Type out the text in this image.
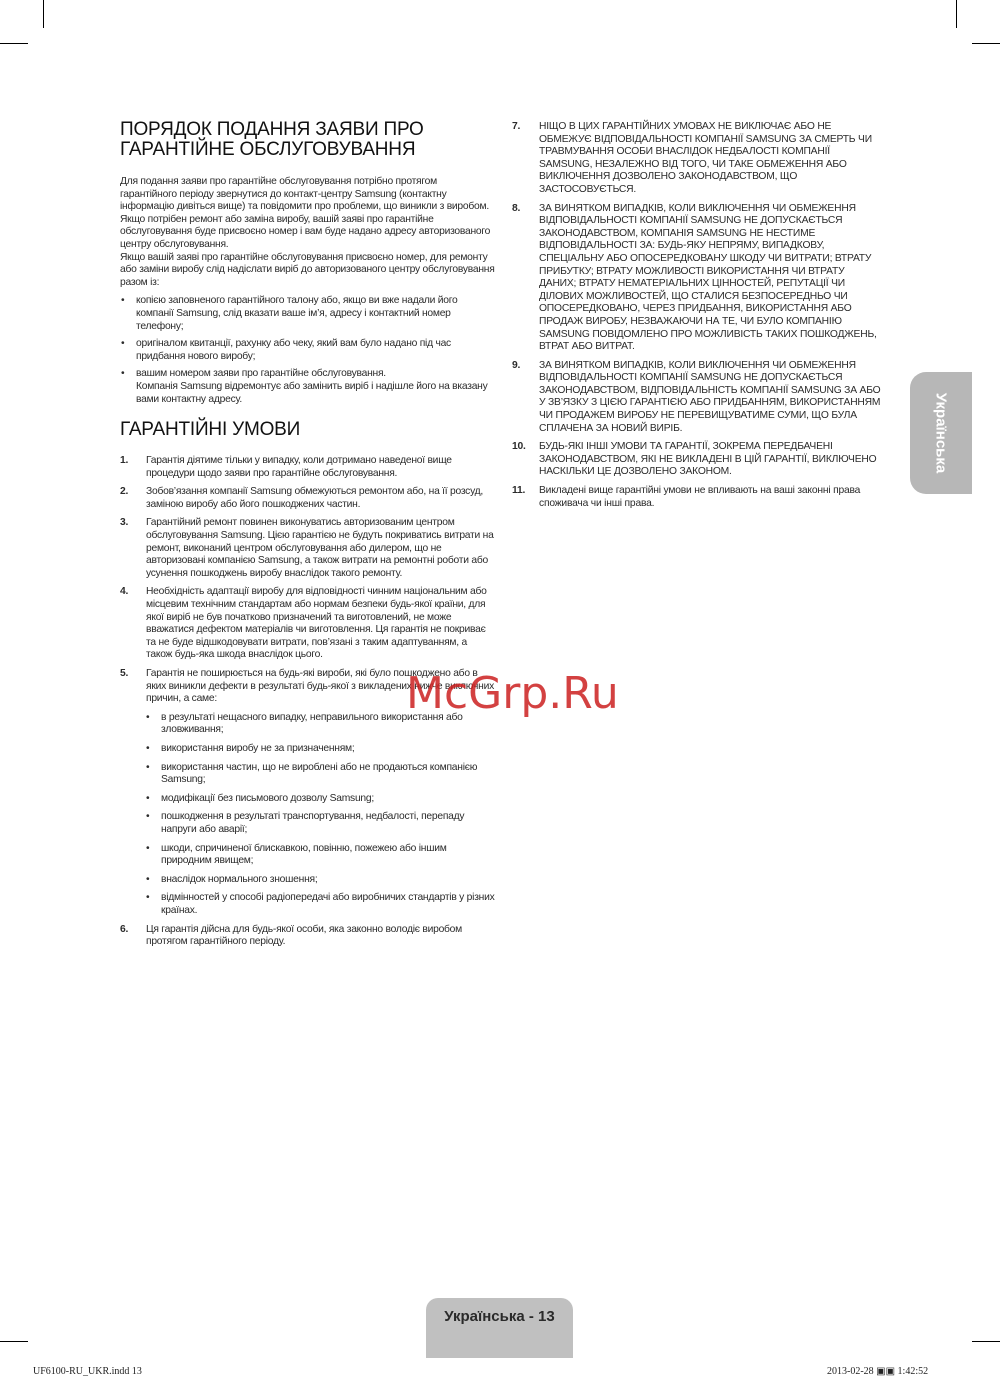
ПОРЯДОК ПОДАННЯ ЗАЯВИ ПРО
ГАРАНТІЙНЕ ОБСЛУГОВУВАННЯ

Для подання заяви про гарантійне обслуговування потрібно протягом гарантійного періоду звернутися до контакт-центру Samsung (контактну інформацію дивіться вище) та повідомити про проблеми, що виникли з виробом. Якщо потрібен ремонт або заміна виробу, вашій заяві про гарантійне обслуговування буде присвоєно номер і вам буде надано адресу авторизованого центру обслуговування.

Якщо вашій заяві про гарантійне обслуговування присвоєно номер, для ремонту або заміни виробу слід надіслати виріб до авторизованого центру обслуговування разом із:

• копією заповненого гарантійного талону або, якщо ви вже надали його компанії Samsung, слід вказати ваше ім’я, адресу і контактний номер телефону;
• оригіналом квитанції, рахунку або чеку, який вам було надано під час придбання нового виробу;
• вашим номером заяви про гарантійне обслуговування.
Компанія Samsung відремонтує або замінить виріб і надішле його на вказану вами контактну адресу.
ГАРАНТІЙНІ УМОВИ
1. Гарантія діятиме тільки у випадку, коли дотримано наведеної вище процедури щодо заяви про гарантійне обслуговування.
2. Зобов’язання компанії Samsung обмежуються ремонтом або, на її розсуд, заміною виробу або його пошкоджених частин.
3. Гарантійний ремонт повинен виконуватись авторизованим центром обслуговування Samsung. Цією гарантією не будуть покриватись витрати на ремонт, виконаний центром обслуговування або дилером, що не авторизовані компанією Samsung, а також витрати на ремонтні роботи або усунення пошкоджень виробу внаслідок такого ремонту.
4. Необхідність адаптації виробу для відповідності чинним національним або місцевим технічним стандартам або нормам безпеки будь-якої країни, для якої виріб не був початково призначений та виготовлений, не може вважатися дефектом матеріалів чи виготовлення. Ця гарантія не покриває та не буде відшкодовувати витрати, пов’язані з таким адаптуванням, а також будь-яка шкода внаслідок цього.
5. Гарантія не поширюється на будь-які вироби, які було пошкоджено або в яких виникли дефекти в результаті будь-якої з викладених нижче виключних причин, а саме:
• в результаті нещасного випадку, неправильного використання або зловживання;
• використання виробу не за призначенням;
• використання частин, що не вироблені або не продаються компанією Samsung;
• модифікації без письмового дозволу Samsung;
• пошкодження в результаті транспортування, недбалості, перепаду напруги або аварії;
• шкоди, спричиненої блискавкою, повінню, пожежею або іншим природним явищем;
• внаслідок нормального зношення;
• відмінностей у способі радіопередачі або виробничих стандартів у різних країнах.
6. Ця гарантія дійсна для будь-якої особи, яка законно володіє виробом протягом гарантійного періоду.
7. НІЩО В ЦИХ ГАРАНТІЙНИХ УМОВАХ НЕ ВИКЛЮЧАЄ АБО НЕ ОБМЕЖУЄ ВІДПОВІДАЛЬНОСТІ КОМПАНІЇ SAMSUNG ЗА СМЕРТЬ ЧИ ТРАВМУВАННЯ ОСОБИ ВНАСЛІДОК НЕДБАЛОСТІ КОМПАНІЇ SAMSUNG, НЕЗАЛЕЖНО ВІД ТОГО, ЧИ ТАКЕ ОБМЕЖЕННЯ АБО ВИКЛЮЧЕННЯ ДОЗВОЛЕНО ЗАКОНОДАВСТВОМ, ЩО ЗАСТОСОВУЄТЬСЯ.
8. ЗА ВИНЯТКОМ ВИПАДКІВ, КОЛИ ВИКЛЮЧЕННЯ ЧИ ОБМЕЖЕННЯ ВІДПОВІДАЛЬНОСТІ КОМПАНІЇ SAMSUNG НЕ ДОПУСКАЄТЬСЯ ЗАКОНОДАВСТВОМ, КОМПАНІЯ SAMSUNG НЕ НЕСТИМЕ ВІДПОВІДАЛЬНОСТІ ЗА: БУДЬ-ЯКУ НЕПРЯМУ, ВИПАДКОВУ, СПЕЦІАЛЬНУ АБО ОПОСЕРЕДКОВАНУ ШКОДУ ЧИ ВИТРАТИ; ВТРАТУ ПРИБУТКУ; ВТРАТУ МОЖЛИВОСТІ ВИКОРИСТАННЯ ЧИ ВТРАТУ ДАНИХ; ВТРАТУ НЕМАТЕРІАЛЬНИХ ЦІННОСТЕЙ, РЕПУТАЦІЇ ЧИ ДІЛОВИХ МОЖЛИВОСТЕЙ, ЩО СТАЛИСЯ БЕЗПОСЕРЕДНЬО ЧИ ОПОСЕРЕДКОВАНО, ЧЕРЕЗ ПРИДБАННЯ, ВИКОРИСТАННЯ АБО ПРОДАЖ ВИРОБУ, НЕЗВАЖАЮЧИ НА ТЕ, ЧИ БУЛО КОМПАНІЮ SAMSUNG ПОВІДОМЛЕНО ПРО МОЖЛИВІСТЬ ТАКИХ ПОШКОДЖЕНЬ, ВТРАТ АБО ВИТРАТ.
9. ЗА ВИНЯТКОМ ВИПАДКІВ, КОЛИ ВИКЛЮЧЕННЯ ЧИ ОБМЕЖЕННЯ ВІДПОВІДАЛЬНОСТІ КОМПАНІЇ SAMSUNG НЕ ДОПУСКАЄТЬСЯ ЗАКОНОДАВСТВОМ, ВІДПОВІДАЛЬНІСТЬ КОМПАНІЇ SAMSUNG ЗА АБО У ЗВ’ЯЗКУ З ЦІЄЮ ГАРАНТІЄЮ АБО ПРИДБАННЯМ, ВИКОРИСТАННЯМ ЧИ ПРОДАЖЕМ ВИРОБУ НЕ ПЕРЕВИЩУВАТИМЕ СУМИ, ЩО БУЛА СПЛАЧЕНА ЗА НОВИЙ ВИРІБ.
10. БУДЬ-ЯКІ ІНШІ УМОВИ ТА ГАРАНТІЇ, ЗОКРЕМА ПЕРЕДБАЧЕНІ ЗАКОНОДАВСТВОМ, ЯКІ НЕ ВИКЛАДЕНІ В ЦІЙ ГАРАНТІЇ, ВИКЛЮЧЕНО НАСКІЛЬКИ ЦЕ ДОЗВОЛЕНО ЗАКОНОМ.
11. Викладені вище гарантійні умови не впливають на ваші законні права споживача чи інші права.
Українська
McGrp.Ru
Українська - 13
UF6100-RU_UKR.indd 13	2013-02-28 ▣▣ 1:42:52
